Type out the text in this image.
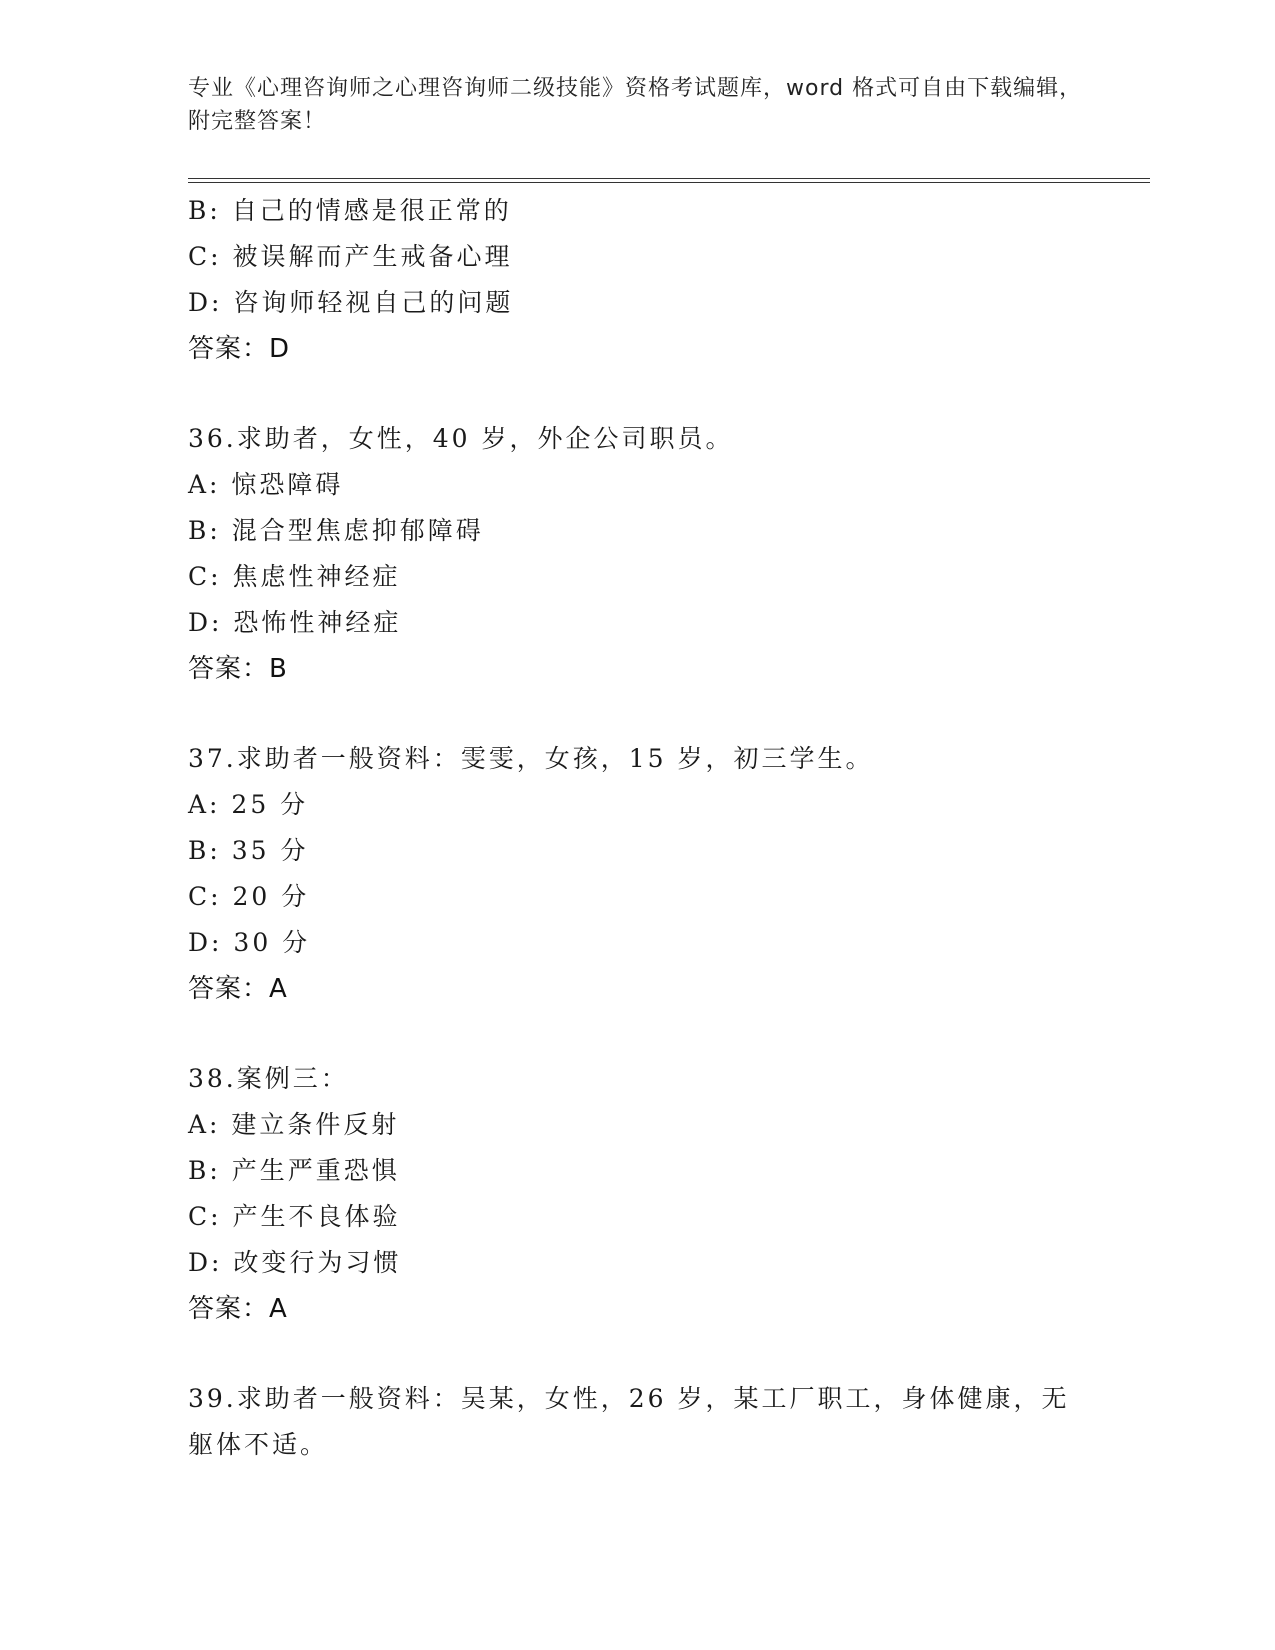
专业《心理咨询师之心理咨询师二级技能》资格考试题库，word 格式可自由下载编辑，附完整答案！
B: 自己的情感是很正常的
C: 被误解而产生戒备心理
D: 咨询师轻视自己的问题
答案：D
36.求助者，女性，40 岁，外企公司职员。
A: 惊恐障碍
B: 混合型焦虑抑郁障碍
C: 焦虑性神经症
D: 恐怖性神经症
答案：B
37.求助者一般资料：雯雯，女孩，15 岁，初三学生。
A: 25 分
B: 35 分
C: 20 分
D: 30 分
答案：A
38.案例三：
A: 建立条件反射
B: 产生严重恐惧
C: 产生不良体验
D: 改变行为习惯
答案：A
39.求助者一般资料：吴某，女性，26 岁，某工厂职工，身体健康，无躯体不适。
